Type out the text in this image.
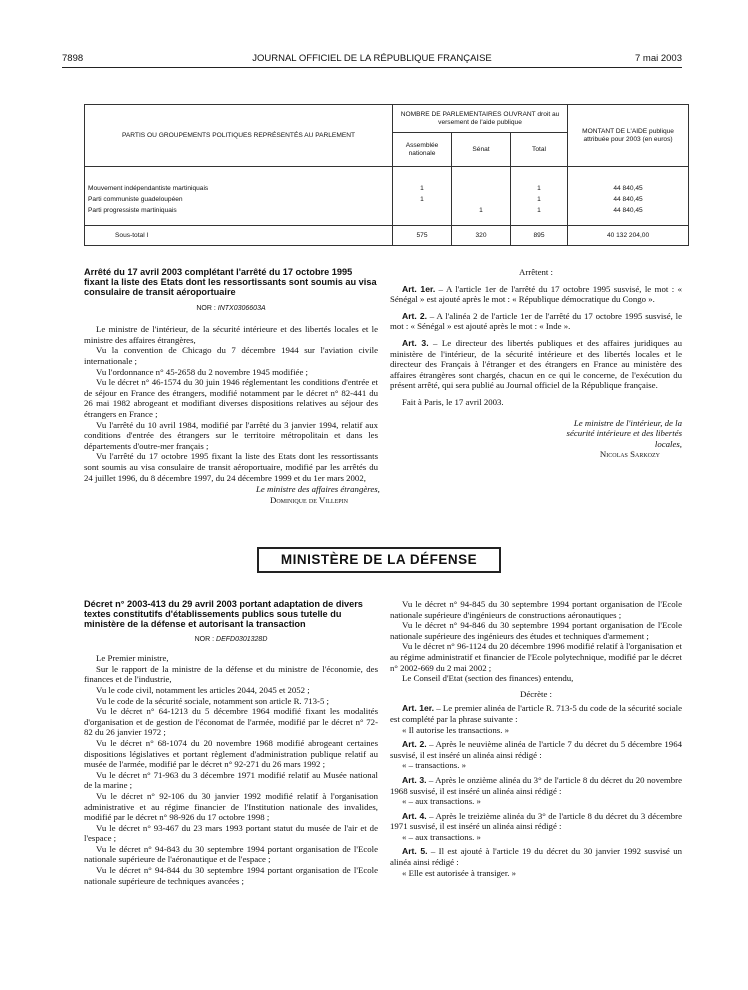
7898	JOURNAL OFFICIEL DE LA RÉPUBLIQUE FRANÇAISE	7 mai 2003
PARTIS OU GROUPEMENTS POLITIQUES REPRÉSENTÉS AU PARLEMENT	NOMBRE DE PARLEMENTAIRES OUVRANT droit au versement de l'aide publique			MONTANT DE L'AIDE publique attribuée pour 2003 (en euros)
	Assemblée nationale	Sénat	Total	

Mouvement indépendantiste martiniquais	1		1	44 840,45
Parti communiste guadeloupéen	1		1	44 840,45
Parti progressiste martiniquais		1	1	44 840,45

Sous-total I	575	320	895	40 132 204,00
Arrêté du 17 avril 2003 complétant l'arrêté du 17 octobre 1995 fixant la liste des Etats dont les ressortissants sont soumis au visa consulaire de transit aéroportuaire
NOR : INTX0306603A

Le ministre de l'intérieur, de la sécurité intérieure et des libertés locales et le ministre des affaires étrangères,

Vu la convention de Chicago du 7 décembre 1944 sur l'aviation civile internationale ;

Vu l'ordonnance n° 45-2658 du 2 novembre 1945 modifiée ;

Vu le décret n° 46-1574 du 30 juin 1946 réglementant les conditions d'entrée et de séjour en France des étrangers, modifié notamment par le décret n° 82-441 du 26 mai 1982 abrogeant et modifiant diverses dispositions relatives au séjour des étrangers en France ;

Vu l'arrêté du 10 avril 1984, modifié par l'arrêté du 3 janvier 1994, relatif aux conditions d'entrée des étrangers sur le territoire métropolitain et dans les départements d'outre-mer français ;

Vu l'arrêté du 17 octobre 1995 fixant la liste des Etats dont les ressortissants sont soumis au visa consulaire de transit aéroportuaire, modifié par les arrêtés du 24 juillet 1996, du 8 décembre 1997, du 24 décembre 1999 et du 1er mars 2002,

Arrêtent :

Art. 1er. – A l'article 1er de l'arrêté du 17 octobre 1995 susvisé, le mot : « Sénégal » est ajouté après le mot : « République démocratique du Congo ».

Art. 2. – A l'alinéa 2 de l'article 1er de l'arrêté du 17 octobre 1995 susvisé, le mot : « Sénégal » est ajouté après le mot : « Inde ».

Art. 3. – Le directeur des libertés publiques et des affaires juridiques au ministère de l'intérieur, de la sécurité intérieure et des libertés locales et le directeur des Français à l'étranger et des étrangers en France au ministère des affaires étrangères sont chargés, chacun en ce qui le concerne, de l'exécution du présent arrêté, qui sera publié au Journal officiel de la République française.

Fait à Paris, le 17 avril 2003.

Le ministre de l'intérieur, de la sécurité intérieure et des libertés locales,
Nicolas Sarkozy
Le ministre des affaires étrangères,
Dominique de Villepin
MINISTÈRE DE LA DÉFENSE
Décret n° 2003-413 du 29 avril 2003 portant adaptation de divers textes constitutifs d'établissements publics sous tutelle du ministère de la défense et autorisant la transaction
NOR : DEFD0301328D

Le Premier ministre,

Sur le rapport de la ministre de la défense et du ministre de l'économie, des finances et de l'industrie,

Vu le code civil, notamment les articles 2044, 2045 et 2052 ;

Vu le code de la sécurité sociale, notamment son article R. 713-5 ;

Vu le décret n° 64-1213 du 5 décembre 1964 modifié fixant les modalités d'organisation et de gestion de l'économat de l'armée, modifié par le décret n° 72-82 du 26 janvier 1972 ;

Vu le décret n° 68-1074 du 20 novembre 1968 modifié abrogeant certaines dispositions législatives et portant règlement d'administration publique relatif au musée de l'armée, modifié par le décret n° 92-271 du 26 mars 1992 ;

Vu le décret n° 71-963 du 3 décembre 1971 modifié relatif au Musée national de la marine ;

Vu le décret n° 92-106 du 30 janvier 1992 modifié relatif à l'organisation administrative et au régime financier de l'Institution nationale des invalides, modifié par le décret n° 98-926 du 17 octobre 1998 ;

Vu le décret n° 93-467 du 23 mars 1993 portant statut du musée de l'air et de l'espace ;

Vu le décret n° 94-843 du 30 septembre 1994 portant organisation de l'Ecole nationale supérieure de l'aéronautique et de l'espace ;

Vu le décret n° 94-844 du 30 septembre 1994 portant organisation de l'Ecole nationale supérieure de techniques avancées ;

Vu le décret n° 94-845 du 30 septembre 1994 portant organisation de l'Ecole nationale supérieure d'ingénieurs de constructions aéronautiques ;

Vu le décret n° 94-846 du 30 septembre 1994 portant organisation de l'Ecole nationale supérieure des ingénieurs des études et techniques d'armement ;

Vu le décret n° 96-1124 du 20 décembre 1996 modifié relatif à l'organisation et au régime administratif et financier de l'Ecole polytechnique, modifié par le décret n° 2002-669 du 2 mai 2002 ;

Le Conseil d'Etat (section des finances) entendu,

Décrète :

Art. 1er. – Le premier alinéa de l'article R. 713-5 du code de la sécurité sociale est complété par la phrase suivante :

« Il autorise les transactions. »

Art. 2. – Après le neuvième alinéa de l'article 7 du décret du 5 décembre 1964 susvisé, il est inséré un alinéa ainsi rédigé :

« – transactions. »

Art. 3. – Après le onzième alinéa du 3° de l'article 8 du décret du 20 novembre 1968 susvisé, il est inséré un alinéa ainsi rédigé :

« – aux transactions. »

Art. 4. – Après le treizième alinéa du 3° de l'article 8 du décret du 3 décembre 1971 susvisé, il est inséré un alinéa ainsi rédigé :

« – aux transactions. »

Art. 5. – Il est ajouté à l'article 19 du décret du 30 janvier 1992 susvisé un alinéa ainsi rédigé :

« Elle est autorisée à transiger. »
